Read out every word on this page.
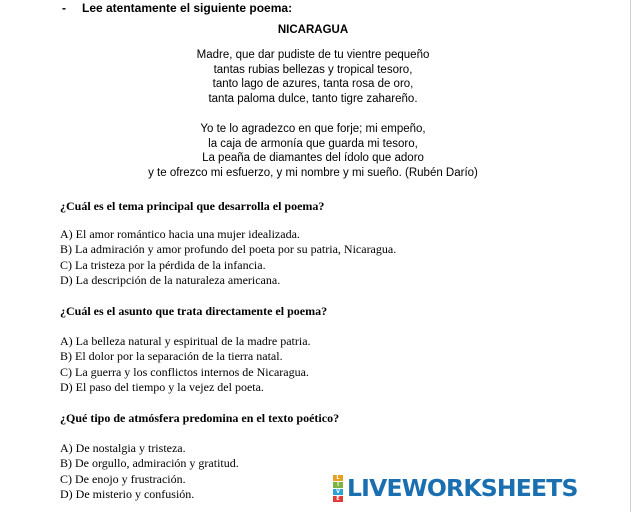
- Lee atentamente el siguiente poema:
NICARAGUA
Madre, que dar pudiste de tu vientre pequeño
tantas rubias bellezas y tropical tesoro,
tanto lago de azures, tanta rosa de oro,
tanta paloma dulce, tanto tigre zahareño.
Yo te lo agradezco en que forje; mi empeño,
la caja de armonía que guarda mi tesoro,
La peaña de diamantes del ídolo que adoro
y te ofrezco mi esfuerzo, y mi nombre y mi sueño. (Rubén Darío)
¿Cuál es el tema principal que desarrolla el poema?
A) El amor romántico hacia una mujer idealizada.
B) La admiración y amor profundo del poeta por su patria, Nicaragua.
C) La tristeza por la pérdida de la infancia.
D) La descripción de la naturaleza americana.
¿Cuál es el asunto que trata directamente el poema?
A) La belleza natural y espiritual de la madre patria.
B) El dolor por la separación de la tierra natal.
C) La guerra y los conflictos internos de Nicaragua.
D) El paso del tiempo y la vejez del poeta.
¿Qué tipo de atmósfera predomina en el texto poético?
A) De nostalgia y tristeza.
B) De orgullo, admiración y gratitud.
C) De enojo y frustración.
D) De misterio y confusión.
L
I
V
E LIVEWORKSHEETS
